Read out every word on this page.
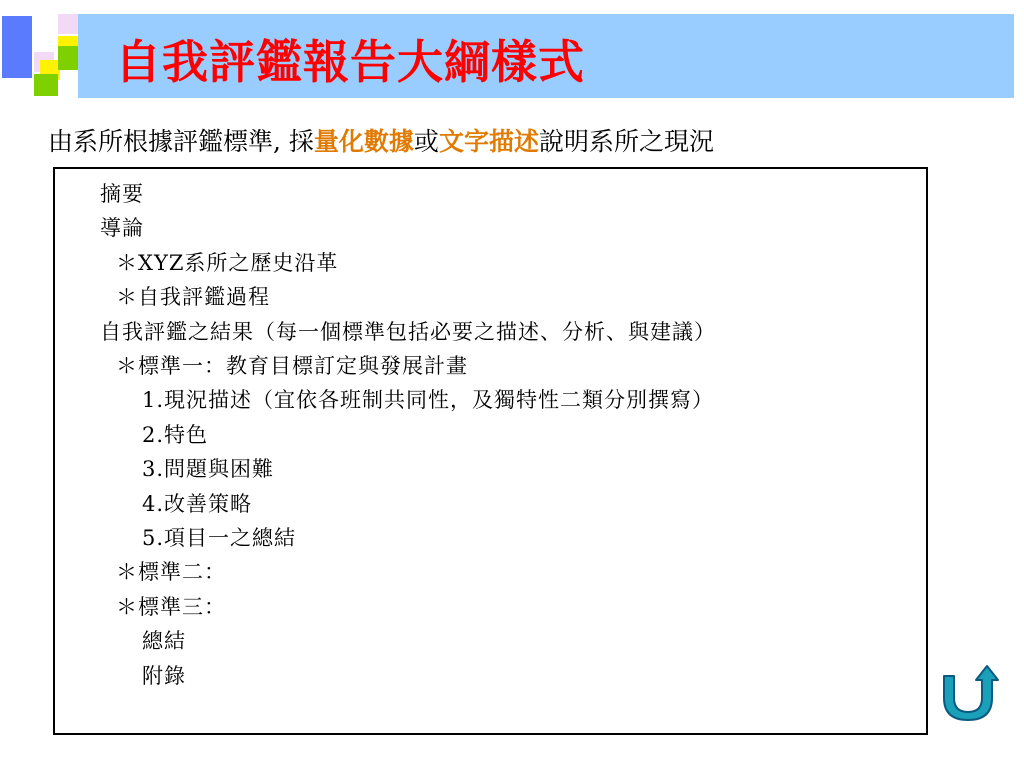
自我評鑑報告大綱樣式
由系所根據評鑑標準, 採量化數據或文字描述說明系所之現況
摘要
導論
＊XYZ系所之歷史沿革
＊自我評鑑過程
自我評鑑之結果（每一個標準包括必要之描述、分析、與建議）
＊標準一：教育目標訂定與發展計畫
1.現況描述（宜依各班制共同性，及獨特性二類分別撰寫）
2.特色
3.問題與困難
4.改善策略
5.項目一之總結
＊標準二：
＊標準三：
總結
附錄
